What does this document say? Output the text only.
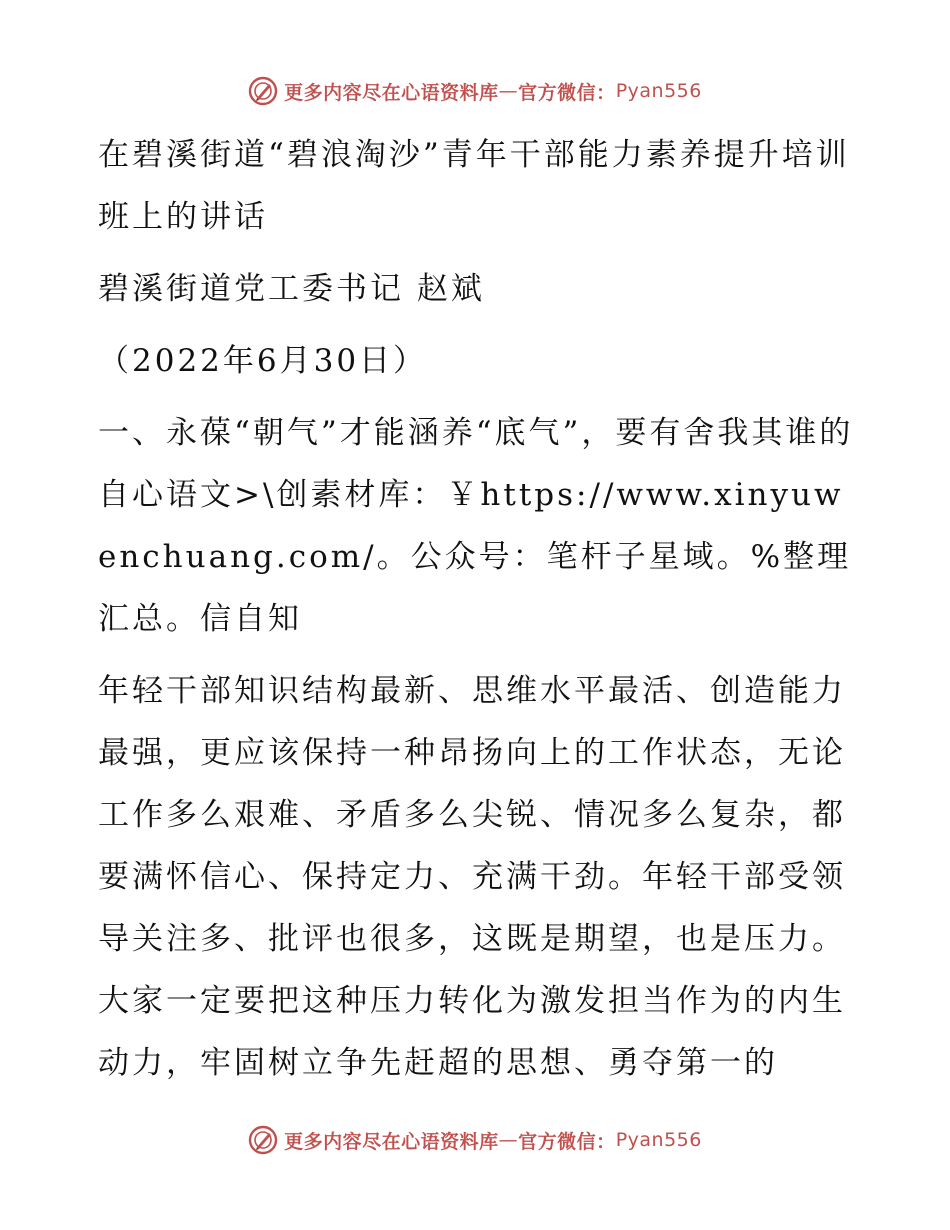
更多内容尽在心语资料库 — 官方微信： Pyan556

在碧溪街道“碧浪淘沙”青年干部能力素养提升培训班上的讲话

碧溪街道党工委书记 赵斌

（2022年6月30日）

一、永葆“朝气”才能涵养“底气”，要有舍我其谁的自心语文>\创素材库：￥https://www.xinyuwenchuang.com/。公众号：笔杆子星域。%整理汇总。信自知

年轻干部知识结构最新、思维水平最活、创造能力最强，更应该保持一种昂扬向上的工作状态，无论工作多么艰难、矛盾多么尖锐、情况多么复杂，都要满怀信心、保持定力、充满干劲。年轻干部受领导关注多、批评也很多，这既是期望，也是压力。大家一定要把这种压力转化为激发担当作为的内生动力，牢固树立争先赶超的思想、勇夺第一的

更多内容尽在心语资料库 — 官方微信： Pyan556
